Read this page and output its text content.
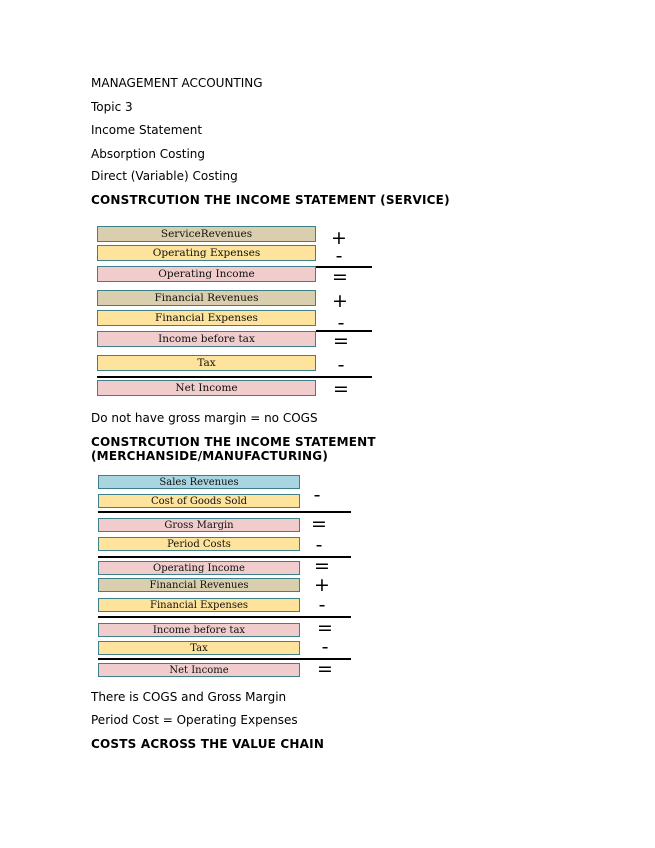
MANAGEMENT ACCOUNTING
Topic 3
Income Statement
Absorption Costing
Direct (Variable) Costing
CONSTRCUTION THE INCOME STATEMENT (SERVICE)
ServiceRevenues	+
Operating Expenses	-
Operating Income	=
Financial Revenues	+
Financial Expenses	-
Income before tax	=
Tax	-
Net Income	=
Do not have gross margin = no COGS
CONSTRCUTION THE INCOME STATEMENT
(MERCHANSIDE/MANUFACTURING)
Sales Revenues
Cost of Goods Sold	-
Gross Margin	=
Period Costs	-
Operating Income	=
Financial Revenues	+
Financial Expenses	-
Income before tax	=
Tax	-
Net Income	=
There is COGS and Gross Margin
Period Cost = Operating Expenses
COSTS ACROSS THE VALUE CHAIN
